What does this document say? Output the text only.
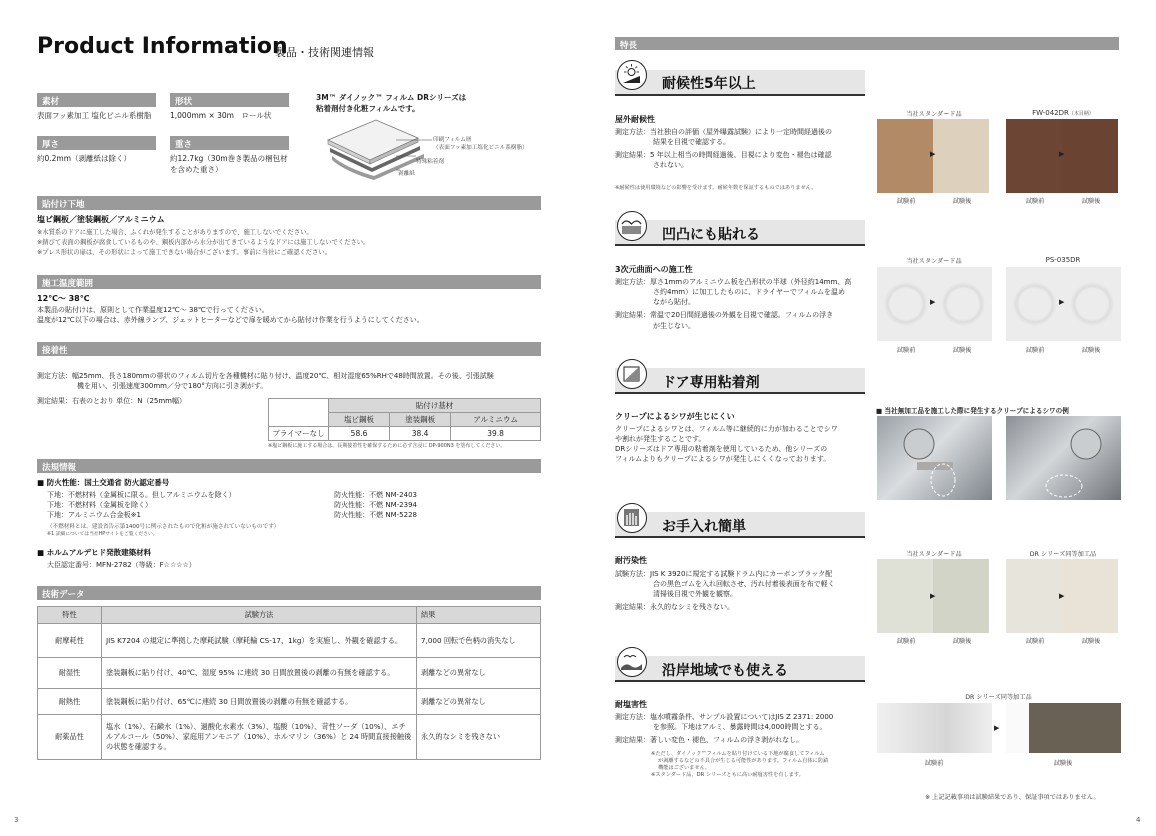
Product Information
製品・技術関連情報
素材
表面フッ素加工 塩化ビニル系樹脂
形状
1,000mm × 30m　ロール状
厚さ
約0.2mm（剥離紙は除く）
重さ
約12.7kg（30m巻き製品の梱包材
を含めた重さ）
3M™ ダイノック™ フィルム DRシリーズは
粘着剤付き化粧フィルムです。
印刷フィルム層
（表面フッ素加工塩化ビニル系樹脂）
特殊粘着剤
剥離紙
貼付け下地
塩ビ鋼板／塗装鋼板／アルミニウム
※木質系のドアに施工した場合、ふくれが発生することがありますので、施工しないでください。
※錆びて表面の鋼板が腐食しているものや、鋼板内部から水分が出てきているようなドアには施工しないでください。
※プレス形状の扉は、その形状によって施工できない場合がございます。事前に当社にご確認ください。
施工温度範囲
12℃～ 38℃
本製品の貼付けは、原則として作業温度12℃～ 38℃で行ってください。
温度が12℃以下の場合は、赤外線ランプ、ジェットヒーターなどで扉を暖めてから貼付け作業を行うようにしてください。
接着性
測定方法：幅25mm、長さ180mmの帯状のフィルム切片を各種機材に貼り付け、温度20℃、相対湿度65%RHで48時間放置。その後、引張試験
機を用い、引張速度300mm／分で180°方向に引き剥がす。
測定結果：右表のとおり 単位：N（25mm幅）
		貼付け基材		
	塩ビ鋼板	塗装鋼板	アルミニウム
プライマーなし	58.6	38.4	39.8
※塩ビ鋼板に施工する場合は、長期接着性を確保するために必ず含浸に DP-900N3 を塗布してください。
法規情報
■ 防火性能：国土交通省 防火認定番号
下地：不燃材料（金属板に限る。但しアルミニウムを除く）	防火性能：不燃 NM-2403
下地：不燃材料（金属板を除く）	防火性能：不燃 NM-2394
下地：アルミニウム合金板※1	防火性能：不燃 NM-5228
（不燃材料とは、建設省告示第1400号に例示されたもので化粧が施されていないものです）
※1 詳細については当社HPサイトをご覧ください。
■ ホルムアルデヒド発散建築材料
大臣認定番号：MFN-2782（等級：F☆☆☆☆）
技術データ
特性	試験方法	結果
耐摩耗性	JIS K7204 の規定に準拠した摩耗試験（摩耗輪 CS-17、1kg）を実施し、外観を確認する。	7,000 回転で色柄の消失なし
耐湿性	塗装鋼板に貼り付け、40℃、湿度 95% に連続 30 日間放置後の剥離の有無を確認する。	剥離などの異常なし
耐熱性	塗装鋼板に貼り付け、65℃に連続 30 日間放置後の剥離の有無を確認する。	剥離などの異常なし
耐薬品性	塩水（1%）、石鹸水（1%）、過酸化水素水（3%）、塩酸（10%）、苛性ソーダ（10%）、エチルアルコール（50%）、家庭用アンモニア（10%）、ホルマリン（36%）と 24 時間直接接触後の状態を確認する。	永久的なシミを残さない
3
特長
耐候性5年以上
屋外耐候性
測定方法：当社独自の評価（屋外曝露試験）により一定時間経過後の
結果を目視で確認する。
測定結果：5 年以上相当の時間経過後、目視により変色・褪色は確認
されない。
※耐候性は使用環境などの影響を受けます。耐候年数を保証するものではありません。
当社スタンダード品	FW-042DR（木目柄）
▶	▶
試験前	試験後	試験前	試験後
凹凸にも貼れる
3次元曲面への施工性
測定方法：厚さ1mmのアルミニウム板を凸形状の半球（外径約14mm、高
さ約4mm）に加工したものに、ドライヤーでフィルムを温め
ながら貼付。
測定結果：常温で20日間経過後の外観を目視で確認。フィルムの浮き
が生じない。
当社スタンダード品	PS-035DR
▶	▶
試験前	試験後	試験前	試験後
ドア専用粘着剤
クリープによるシワが生じにくい
クリープによるシワとは、フィルム等に継続的に力が加わることでシワ
や割れが発生することです。
DRシリーズはドア専用の粘着剤を使用しているため、他シリーズの
フィルムよりもクリープによるシワが発生しにくくなっております。
■ 当社無加工品を施工した際に発生するクリープによるシワの例
お手入れ簡単
耐汚染性
試験方法：JIS K 3920に規定する試験ドラム内にカーボンブラック配
合の黒色ゴムを入れ回転させ、汚れ付着後表面を布で軽く
清掃後目視で外観を観察。
測定結果：永久的なシミを残さない。
当社スタンダード品	DR シリーズ同等加工品
▶	▶
試験前	試験後	試験前	試験後
沿岸地域でも使える
耐塩害性
測定方法：塩水噴霧条件、サンプル設置についてはJIS Z 2371: 2000
を参照。下地はアルミ、暴露時間は4,000時間とする。
測定結果：著しい変色・褪色、フィルムの浮き剥がれなし。
※ただし、ダイノック™フィルムを貼り付けている下地が腐食してフィルム
が剥離するなどの不具合が生じる可能性があります。フィルム自体に防錆
機能はございません。
※スタンダード品、DR シリーズともに高い耐塩害性を有します。
DR シリーズ同等加工品
▶
試験前	試験後
※ 上記記載事項は試験結果であり、保証事項ではありません。
4
